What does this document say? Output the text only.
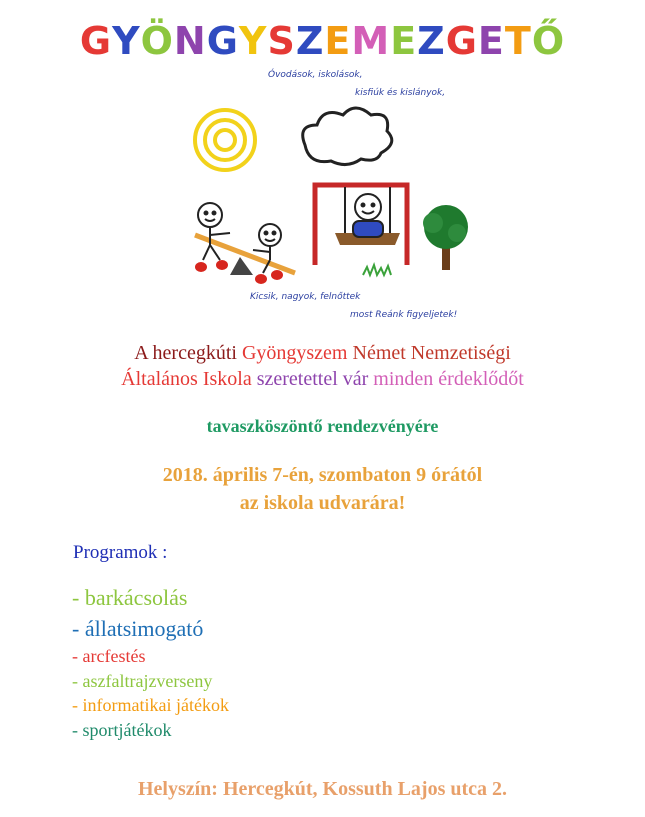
GYÖNGYSZEMEZGETŐ
Óvodások, iskolások,
kisfiúk és kislányok,
Kicsik, nagyok, felnőttek
most Reánk figyeljetek!
A hercegkúti Gyöngyszem Német Nemzetiségi
Általános Iskola szeretettel vár minden érdeklődőt
tavaszköszöntő rendezvényére
2018. április 7-én, szombaton 9 órától
az iskola udvarára!
Programok :
- barkácsolás
- állatsimogató
- arcfestés
- aszfaltrajzverseny
- informatikai játékok
- sportjátékok
Helyszín: Hercegkút, Kossuth Lajos utca 2.
